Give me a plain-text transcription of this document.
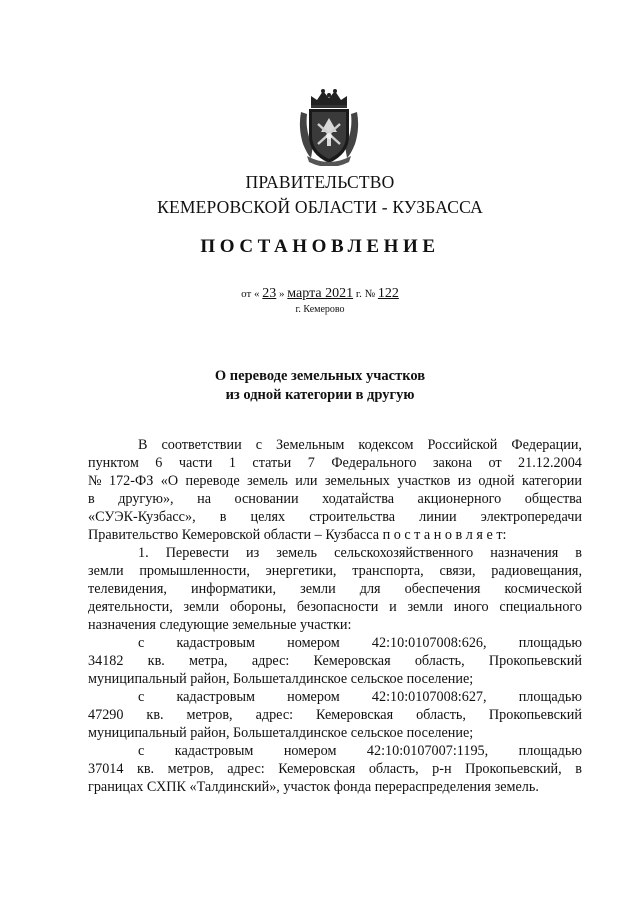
ПРАВИТЕЛЬСТВО
КЕМЕРОВСКОЙ ОБЛАСТИ - КУЗБАССА
ПОСТАНОВЛЕНИЕ
от « 23 » марта 2021 г. № 122
г. Кемерово
О переводе земельных участков
из одной категории в другую
В соответствии с Земельным кодексом Российской Федерации,
пунктом 6 части 1 статьи 7 Федерального закона от 21.12.2004
№ 172-ФЗ «О переводе земель или земельных участков из одной категории
в другую», на основании ходатайства акционерного общества
«СУЭК-Кузбасс», в целях строительства линии электропередачи
Правительство Кемеровской области – Кузбасса п о с т а н о в л я е т:
1. Перевести из земель сельскохозяйственного назначения в
земли промышленности, энергетики, транспорта, связи, радиовещания,
телевидения, информатики, земли для обеспечения космической
деятельности, земли обороны, безопасности и земли иного специального
назначения следующие земельные участки:
с кадастровым номером 42:10:0107008:626, площадью
34182 кв. метра, адрес: Кемеровская область, Прокопьевский
муниципальный район, Большеталдинское сельское поселение;
с кадастровым номером 42:10:0107008:627, площадью
47290 кв. метров, адрес: Кемеровская область, Прокопьевский
муниципальный район, Большеталдинское сельское поселение;
с кадастровым номером 42:10:0107007:1195, площадью
37014 кв. метров, адрес: Кемеровская область, р-н Прокопьевский, в
границах СХПК «Талдинский», участок фонда перераспределения земель.
